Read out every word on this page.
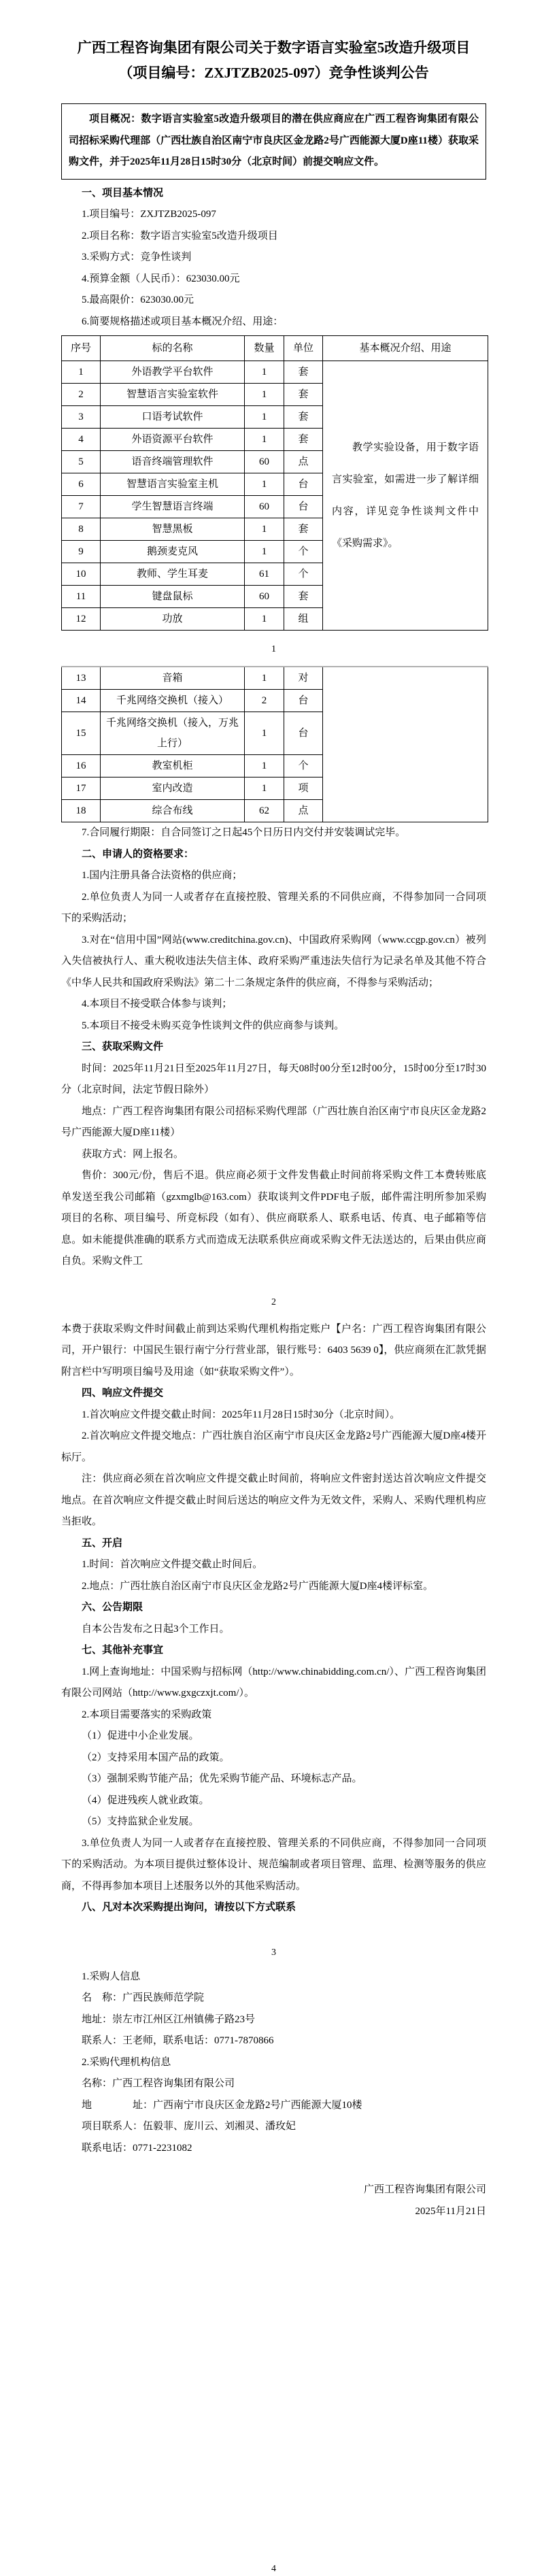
广西工程咨询集团有限公司关于数字语言实验室5改造升级项目

（项目编号：ZXJTZB2025-097）竞争性谈判公告

项目概况：数字语言实验室5改造升级项目的潜在供应商应在广西工程咨询集团有限公司招标采购代理部（广西壮族自治区南宁市良庆区金龙路2号广西能源大厦D座11楼）获取采购文件，并于2025年11月28日15时30分（北京时间）前提交响应文件。

一、项目基本情况

1.项目编号：ZXJTZB2025-097

2.项目名称：数字语言实验室5改造升级项目

3.采购方式：竞争性谈判

4.预算金额（人民币）：623030.00元

5.最高限价：623030.00元

6.简要规格描述或项目基本概况介绍、用途：

序号	标的名称	数量	单位	基本概况介绍、用途
1	外语教学平台软件	1	套	教学实验设备，用于数字语言实验室，如需进一步了解详细内容，详见竞争性谈判文件中《采购需求》。

2	智慧语言实验室软件	1	套	
3	口语考试软件	1	套	
4	外语资源平台软件	1	套	
5	语音终端管理软件	60	点	
6	智慧语言实验室主机	1	台	
7	学生智慧语言终端	60	台	
8	智慧黑板	1	套	
9	鹅颈麦克风	1	个	
10	教师、学生耳麦	61	个	
11	键盘鼠标	60	套	
12	功放	1	组	

1

13	音箱	1	对	
14	千兆网络交换机（接入）	2	台	
15	千兆网络交换机（接入，万兆上行）	1	台	
16	教室机柜	1	个	
17	室内改造	1	项	
18	综合布线	62	点	

7.合同履行期限：自合同签订之日起45个日历日内交付并安装调试完毕。

二、申请人的资格要求：

1.国内注册具备合法资格的供应商；

2.单位负责人为同一人或者存在直接控股、管理关系的不同供应商，不得参加同一合同项下的采购活动；

3.对在“信用中国”网站(www.creditchina.gov.cn)、中国政府采购网（www.ccgp.gov.cn）被列入失信被执行人、重大税收违法失信主体、政府采购严重违法失信行为记录名单及其他不符合《中华人民共和国政府采购法》第二十二条规定条件的供应商，不得参与采购活动；

4.本项目不接受联合体参与谈判；

5.本项目不接受未购买竞争性谈判文件的供应商参与谈判。

三、获取采购文件

时间：2025年11月21日至2025年11月27日，每天08时00分至12时00分，15时00分至17时30分（北京时间，法定节假日除外）

地点：广西工程咨询集团有限公司招标采购代理部（广西壮族自治区南宁市良庆区金龙路2号广西能源大厦D座11楼）

获取方式：网上报名。

售价：300元/份，售后不退。供应商必须于文件发售截止时间前将采购文件工本费转账底单发送至我公司邮箱（gzxmglb@163.com）获取谈判文件PDF电子版，邮件需注明所参加采购项目的名称、项目编号、所竞标段（如有）、供应商联系人、联系电话、传真、电子邮箱等信息。如未能提供准确的联系方式而造成无法联系供应商或采购文件无法送达的，后果由供应商自负。采购文件工

2

本费于获取采购文件时间截止前到达采购代理机构指定账户【户名：广西工程咨询集团有限公司，开户银行：中国民生银行南宁分行营业部，银行账号：6403 5639 0】，供应商须在汇款凭据附言栏中写明项目编号及用途（如“获取采购文件”）。

四、响应文件提交

1.首次响应文件提交截止时间：2025年11月28日15时30分（北京时间）。

2.首次响应文件提交地点：广西壮族自治区南宁市良庆区金龙路2号广西能源大厦D座4楼开标厅。

注：供应商必须在首次响应文件提交截止时间前，将响应文件密封送达首次响应文件提交地点。在首次响应文件提交截止时间后送达的响应文件为无效文件，采购人、采购代理机构应当拒收。

五、开启

1.时间：首次响应文件提交截止时间后。

2.地点：广西壮族自治区南宁市良庆区金龙路2号广西能源大厦D座4楼评标室。

六、公告期限

自本公告发布之日起3个工作日。

七、其他补充事宜

1.网上查询地址：中国采购与招标网（http://www.chinabidding.com.cn/）、广西工程咨询集团有限公司网站（http://www.gxgczxjt.com/）。

2.本项目需要落实的采购政策

（1）促进中小企业发展。

（2）支持采用本国产品的政策。

（3）强制采购节能产品；优先采购节能产品、环境标志产品。

（4）促进残疾人就业政策。

（5）支持监狱企业发展。

3.单位负责人为同一人或者存在直接控股、管理关系的不同供应商，不得参加同一合同项下的采购活动。为本项目提供过整体设计、规范编制或者项目管理、监理、检测等服务的供应商，不得再参加本项目上述服务以外的其他采购活动。

八、凡对本次采购提出询问，请按以下方式联系

3

1.采购人信息

名　称：广西民族师范学院

地址：崇左市江州区江州镇佛子路23号

联系人：王老师，联系电话：0771-7870866

2.采购代理机构信息

名称：广西工程咨询集团有限公司

地　　　　址：广西南宁市良庆区金龙路2号广西能源大厦10楼

项目联系人：伍毅菲、庞川云、刘湘灵、潘玫妃

联系电话：0771-2231082

广西工程咨询集团有限公司

2025年11月21日

4
